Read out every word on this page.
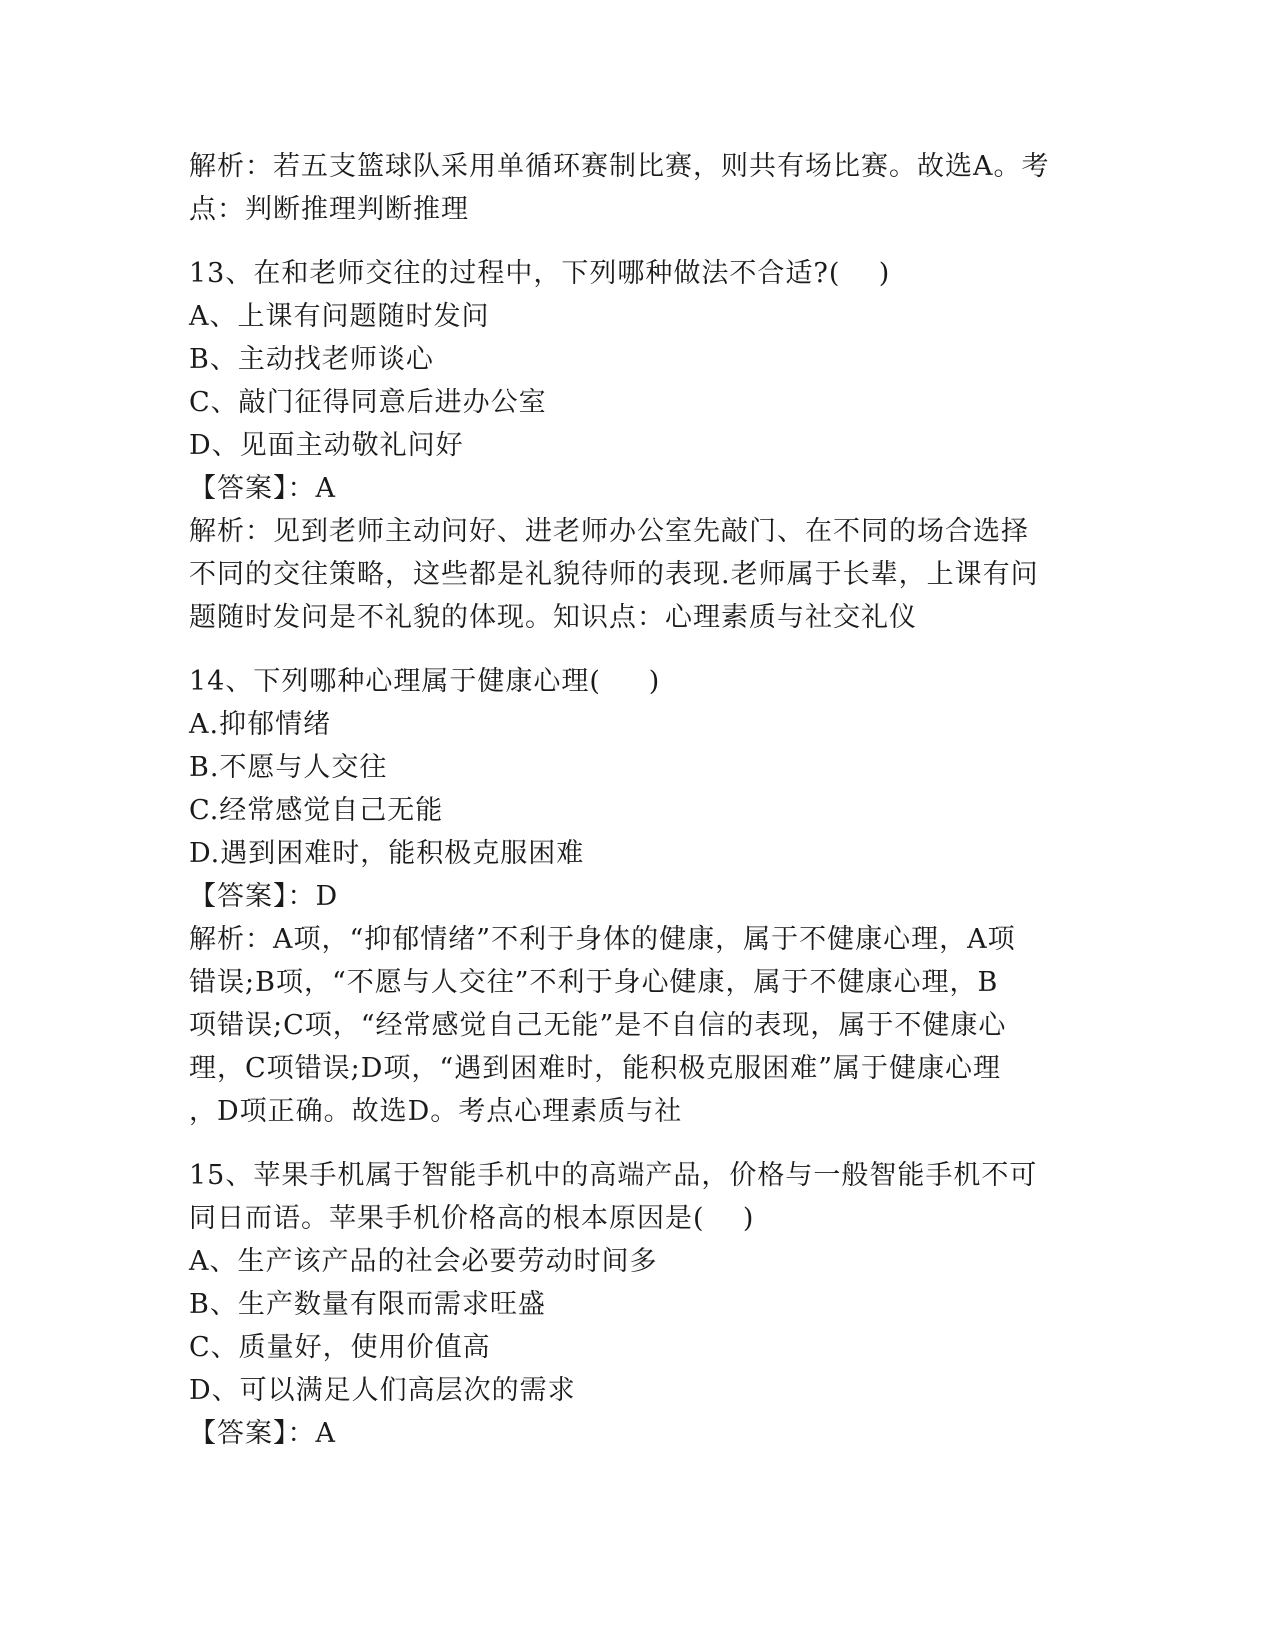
解析：若五支篮球队采用单循环赛制比赛，则共有场比赛。故选A。考
点：判断推理判断推理
13、在和老师交往的过程中，下列哪种做法不合适?(    )
A、上课有问题随时发问
B、主动找老师谈心
C、敲门征得同意后进办公室
D、见面主动敬礼问好
【答案】：A
解析：见到老师主动问好、进老师办公室先敲门、在不同的场合选择
不同的交往策略，这些都是礼貌待师的表现.老师属于长辈，上课有问
题随时发问是不礼貌的体现。知识点：心理素质与社交礼仪
14、下列哪种心理属于健康心理(     )
A.抑郁情绪
B.不愿与人交往
C.经常感觉自己无能
D.遇到困难时，能积极克服困难
【答案】：D
解析：A项，“抑郁情绪”不利于身体的健康，属于不健康心理，A项
错误;B项，“不愿与人交往”不利于身心健康，属于不健康心理，B
项错误;C项，“经常感觉自己无能”是不自信的表现，属于不健康心
理，C项错误;D项，“遇到困难时，能积极克服困难”属于健康心理
，D项正确。故选D。考点心理素质与社
15、苹果手机属于智能手机中的高端产品，价格与一般智能手机不可
同日而语。苹果手机价格高的根本原因是(    )
A、生产该产品的社会必要劳动时间多
B、生产数量有限而需求旺盛
C、质量好，使用价值高
D、可以满足人们高层次的需求
【答案】：A
